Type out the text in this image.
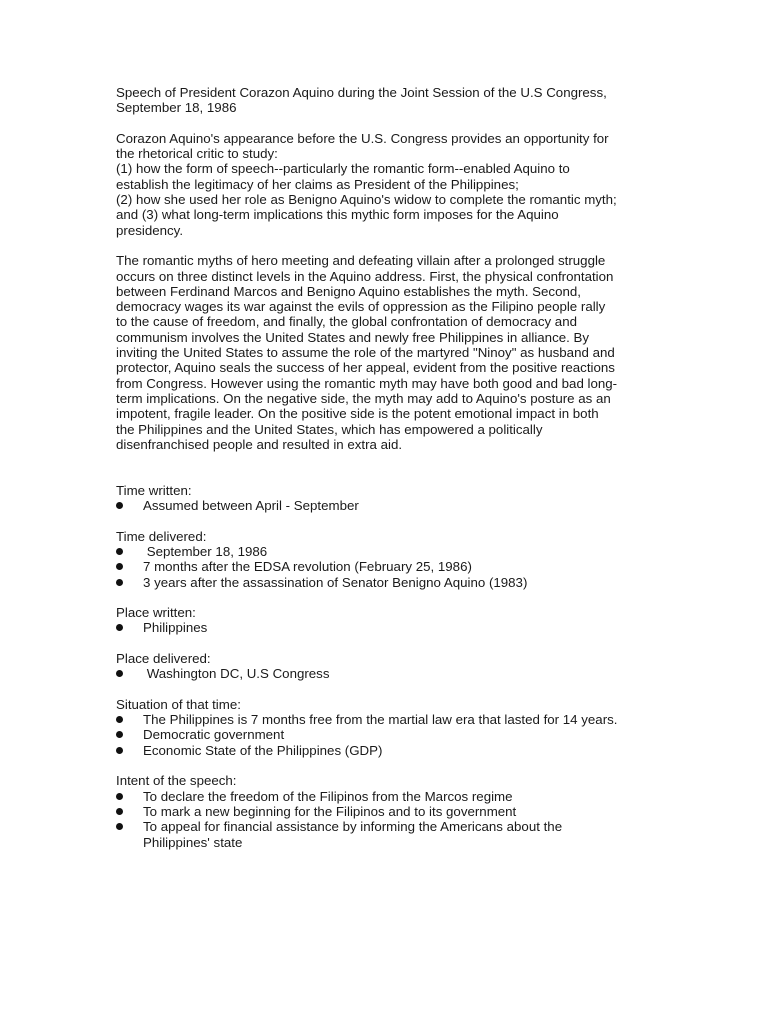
Speech of President Corazon Aquino during the Joint Session of the U.S Congress,
September 18, 1986
Corazon Aquino's appearance before the U.S. Congress provides an opportunity for
the rhetorical critic to study:
(1) how the form of speech--particularly the romantic form--enabled Aquino to
establish the legitimacy of her claims as President of the Philippines;
(2) how she used her role as Benigno Aquino's widow to complete the romantic myth;
and (3) what long-term implications this mythic form imposes for the Aquino
presidency.
The romantic myths of hero meeting and defeating villain after a prolonged struggle
occurs on three distinct levels in the Aquino address. First, the physical confrontation
between Ferdinand Marcos and Benigno Aquino establishes the myth. Second,
democracy wages its war against the evils of oppression as the Filipino people rally
to the cause of freedom, and finally, the global confrontation of democracy and
communism involves the United States and newly free Philippines in alliance. By
inviting the United States to assume the role of the martyred "Ninoy" as husband and
protector, Aquino seals the success of her appeal, evident from the positive reactions
from Congress. However using the romantic myth may have both good and bad long-
term implications. On the negative side, the myth may add to Aquino's posture as an
impotent, fragile leader. On the positive side is the potent emotional impact in both
the Philippines and the United States, which has empowered a politically
disenfranchised people and resulted in extra aid.
Time written:
Assumed between April - September
Time delivered:
September 18, 1986
7 months after the EDSA revolution (February 25, 1986)
3 years after the assassination of Senator Benigno Aquino (1983)
Place written:
Philippines
Place delivered:
Washington DC, U.S Congress
Situation of that time:
The Philippines is 7 months free from the martial law era that lasted for 14 years.
Democratic government
Economic State of the Philippines (GDP)
Intent of the speech:
To declare the freedom of the Filipinos from the Marcos regime
To mark a new beginning for the Filipinos and to its government
To appeal for financial assistance by informing the Americans about the
Philippines' state
